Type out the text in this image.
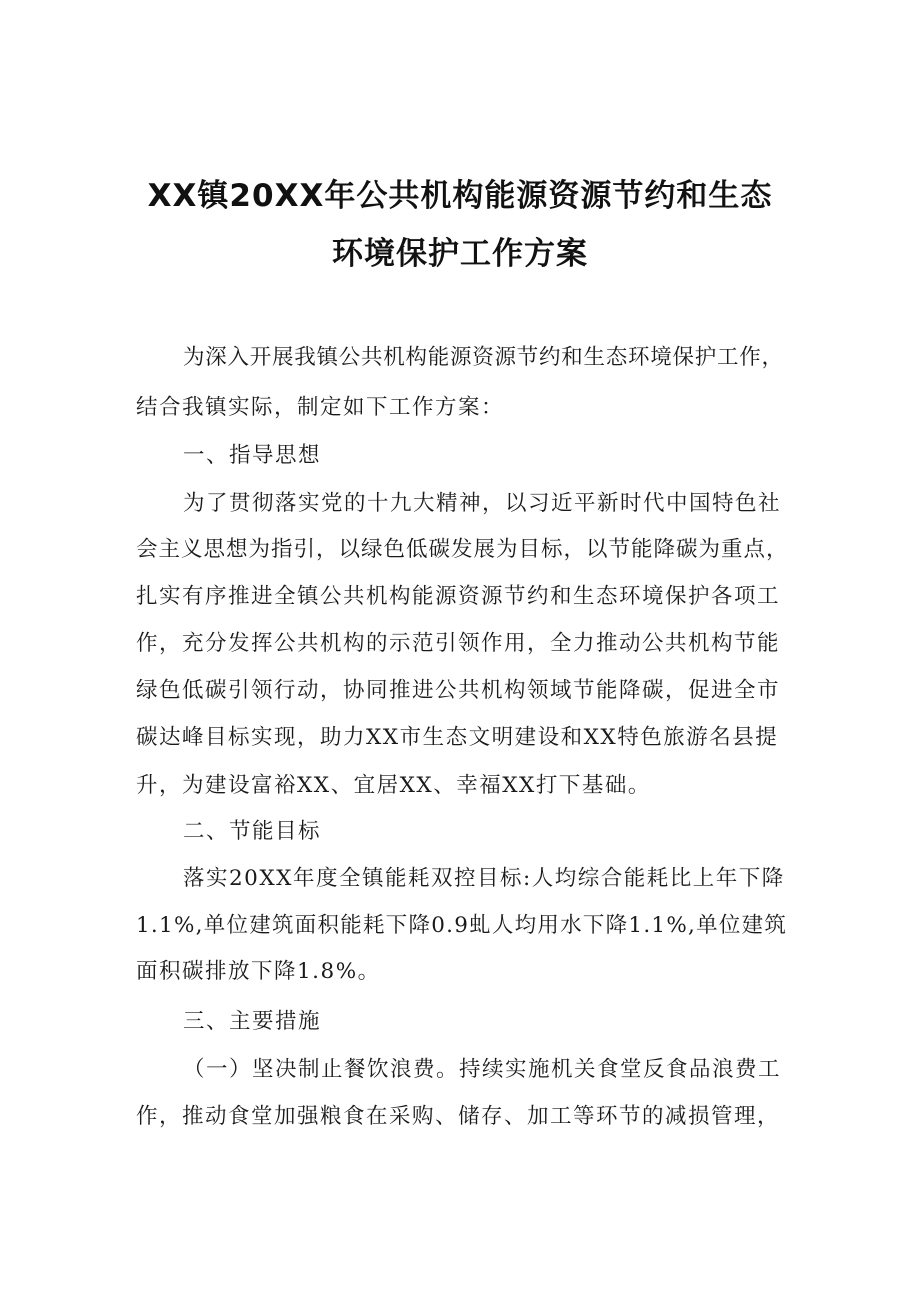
XX镇20XX年公共机构能源资源节约和生态
环境保护工作方案
为深入开展我镇公共机构能源资源节约和生态环境保护工作，
结合我镇实际，制定如下工作方案：
一、指导思想
为了贯彻落实党的十九大精神，以习近平新时代中国特色社
会主义思想为指引，以绿色低碳发展为目标，以节能降碳为重点，
扎实有序推进全镇公共机构能源资源节约和生态环境保护各项工
作，充分发挥公共机构的示范引领作用，全力推动公共机构节能
绿色低碳引领行动，协同推进公共机构领域节能降碳，促进全市
碳达峰目标实现，助力XX市生态文明建设和XX特色旅游名县提
升，为建设富裕XX、宜居XX、幸福XX打下基础。
二、节能目标
落实20XX年度全镇能耗双控目标:人均综合能耗比上年下降
1.1%,单位建筑面积能耗下降0.9虬人均用水下降1.1%,单位建筑
面积碳排放下降1.8%。
三、主要措施
（一）坚决制止餐饮浪费。持续实施机关食堂反食品浪费工
作，推动食堂加强粮食在采购、储存、加工等环节的减损管理，
